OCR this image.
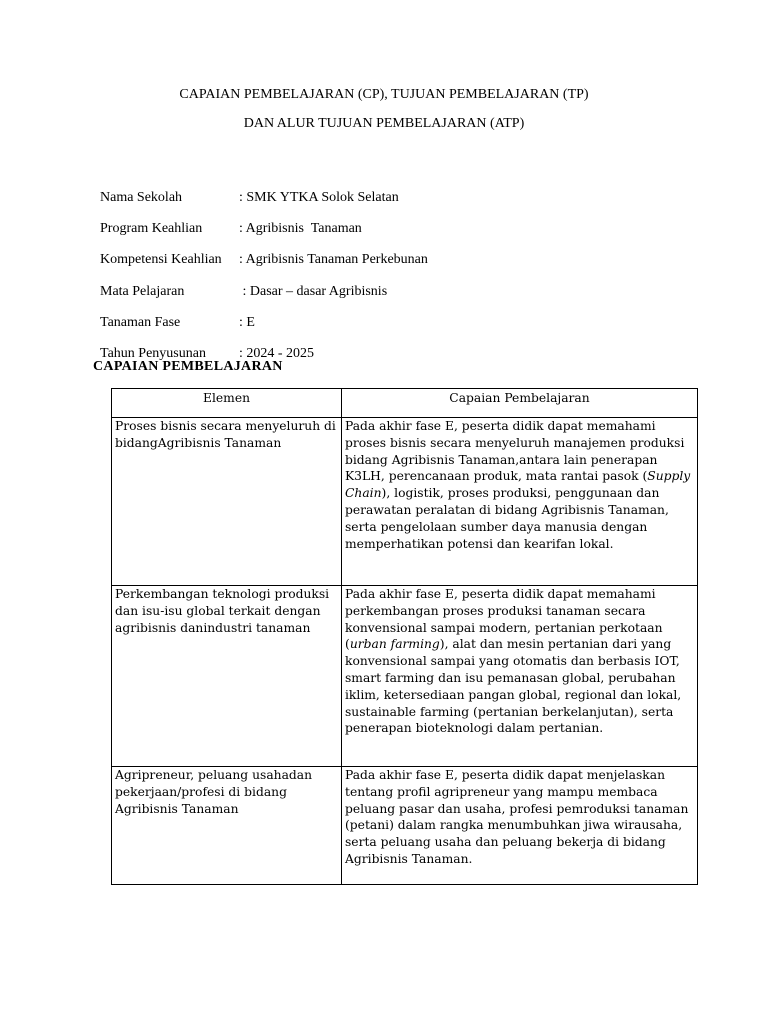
CAPAIAN PEMBELAJARAN (CP), TUJUAN PEMBELAJARAN (TP)
DAN ALUR TUJUAN PEMBELAJARAN (ATP)

Nama Sekolah	: SMK YTKA Solok Selatan

Program Keahlian	: Agribisnis  Tanaman

Kompetensi Keahlian : Agribisnis Tanaman Perkebunan

Mata Pelajaran	: Dasar – dasar Agribisnis

Tanaman Fase	: E

Tahun Penyusunan : 2024 - 2025

CAPAIAN PEMBELAJARAN
Elemen	Capaian Pembelajaran
Proses bisnis secara menyeluruh di bidangAgribisnis Tanaman	Pada akhir fase E, peserta didik dapat memahami proses bisnis secara menyeluruh manajemen produksi bidang Agribisnis Tanaman,antara lain penerapan K3LH, perencanaan produk, mata rantai pasok (Supply Chain), logistik, proses produksi, penggunaan dan perawatan peralatan di bidang Agribisnis Tanaman, serta pengelolaan sumber daya manusia dengan memperhatikan potensi dan kearifan lokal.
Perkembangan teknologi produksi dan isu-isu global terkait dengan agribisnis danindustri tanaman	Pada akhir fase E, peserta didik dapat memahami perkembangan proses produksi tanaman secara konvensional sampai modern, pertanian perkotaan (urban farming), alat dan mesin pertanian dari yang konvensional sampai yang otomatis dan berbasis IOT, smart farming dan isu pemanasan global, perubahan iklim, ketersediaan pangan global, regional dan lokal, sustainable farming (pertanian berkelanjutan), serta penerapan bioteknologi dalam pertanian.
Agripreneur, peluang usahadan pekerjaan/profesi di bidang Agribisnis Tanaman	Pada akhir fase E, peserta didik dapat menjelaskan tentang profil agripreneur yang mampu membaca peluang pasar dan usaha, profesi pemroduksi tanaman (petani) dalam rangka menumbuhkan jiwa wirausaha, serta peluang usaha dan peluang bekerja di bidang Agribisnis Tanaman.
